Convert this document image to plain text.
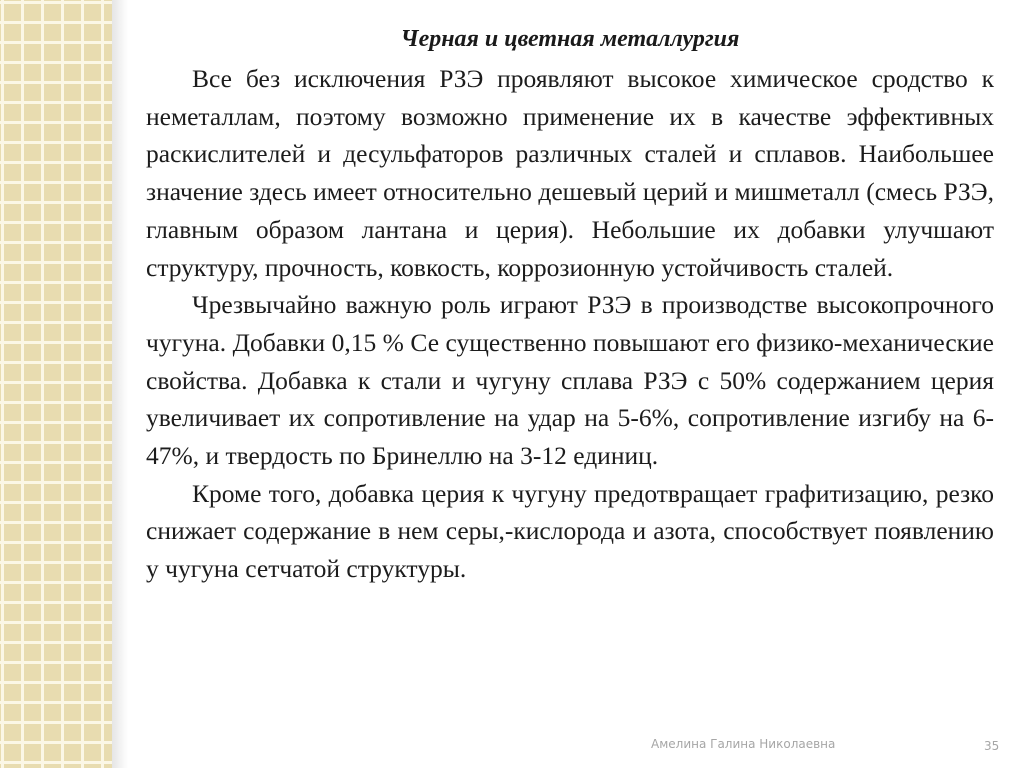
Черная и цветная металлургия

Все без исключения РЗЭ проявляют высокое химическое сродство к неметаллам, поэтому возможно применение их в качестве эффективных раскислителей и десульфаторов различных сталей и сплавов. Наибольшее значение здесь имеет относительно дешевый церий и мишметалл (смесь РЗЭ, главным образом лантана и церия). Небольшие их добавки улучшают структуру, прочность, ковкость, коррозионную устойчивость сталей.

Чрезвычайно важную роль играют РЗЭ в производстве высокопрочного чугуна. Добавки 0,15 % Се существенно повышают его физико-механические свойства. Добавка к стали и чугуну сплава РЗЭ с 50% содержанием церия увеличивает их сопротивление на удар на 5-6%, сопротивление изгибу на 6-47%, и твердость по Бринеллю на 3-12 единиц.

Кроме того, добавка церия к чугуну предотвращает графитизацию, резко снижает содержание в нем серы,-кислорода и азота, способствует появлению у чугуна сетчатой структуры.

Амелина Галина Николаевна	35
